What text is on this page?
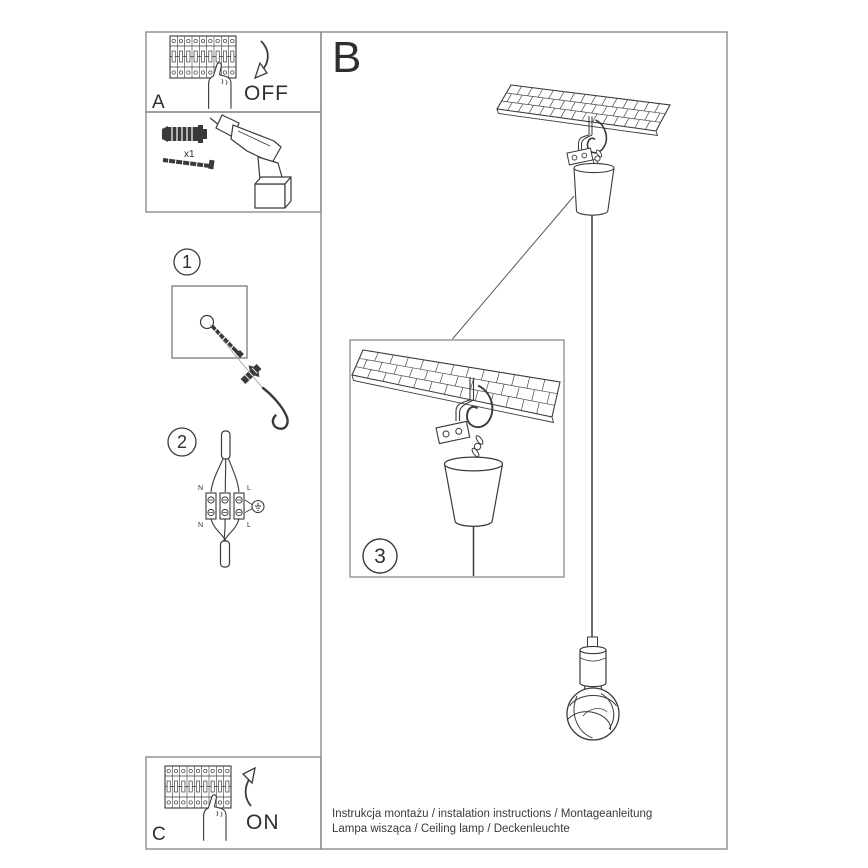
OFF
A
x1
1
2
N	L
N	L
B
3
ON
C
Instrukcja montażu / instalation instructions / Montageanleitung
Lampa wisząca / Ceiling lamp / Deckenleuchte
